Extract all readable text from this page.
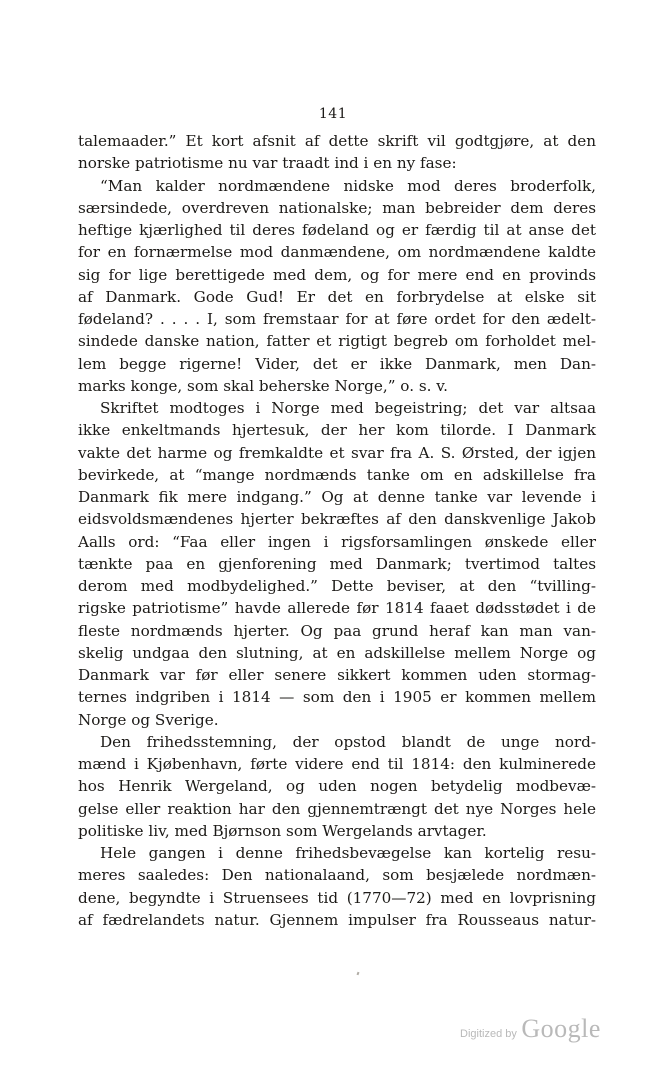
141
talemaader.” Et kort afsnit af dette skrift vil godtgjøre, at den
norske patriotisme nu var traadt ind i en ny fase:
“Man kalder nordmændene nidske mod deres broderfolk,
særsindede, overdreven nationalske; man bebreider dem deres
heftige kjærlighed til deres fødeland og er færdig til at anse det
for en fornærmelse mod danmændene, om nordmændene kaldte
sig for lige berettigede med dem, og for mere end en provinds
af Danmark. Gode Gud! Er det en forbrydelse at elske sit
fødeland? . . . . I, som fremstaar for at føre ordet for den ædelt-
sindede danske nation, fatter et rigtigt begreb om forholdet mel-
lem begge rigerne! Vider, det er ikke Danmark, men Dan-
marks konge, som skal beherske Norge,” o. s. v.
Skriftet modtoges i Norge med begeistring; det var altsaa
ikke enkeltmands hjertesuk, der her kom tilorde. I Danmark
vakte det harme og fremkaldte et svar fra A. S. Ørsted, der igjen
bevirkede, at “mange nordmænds tanke om en adskillelse fra
Danmark fik mere indgang.” Og at denne tanke var levende i
eidsvoldsmændenes hjerter bekræftes af den danskvenlige Jakob
Aalls ord: “Faa eller ingen i rigsforsamlingen ønskede eller
tænkte paa en gjenforening med Danmark; tvertimod taltes
derom med modbydelighed.” Dette beviser, at den “tvilling-
rigske patriotisme” havde allerede før 1814 faaet dødsstødet i de
fleste nordmænds hjerter. Og paa grund heraf kan man van-
skelig undgaa den slutning, at en adskillelse mellem Norge og
Danmark var før eller senere sikkert kommen uden stormag-
ternes indgriben i 1814 — som den i 1905 er kommen mellem
Norge og Sverige.
Den frihedsstemning, der opstod blandt de unge nord-
mænd i Kjøbenhavn, førte videre end til 1814: den kulminerede
hos Henrik Wergeland, og uden nogen betydelig modbevæ-
gelse eller reaktion har den gjennemtrængt det nye Norges hele
politiske liv, med Bjørnson som Wergelands arvtager.
Hele gangen i denne frihedsbevægelse kan kortelig resu-
meres saaledes: Den nationalaand, som besjælede nordmæn-
dene, begyndte i Struensees tid (1770—72) med en lovprisning
af fædrelandets natur. Gjennem impulser fra Rousseaus natur-
Digitized by Google
